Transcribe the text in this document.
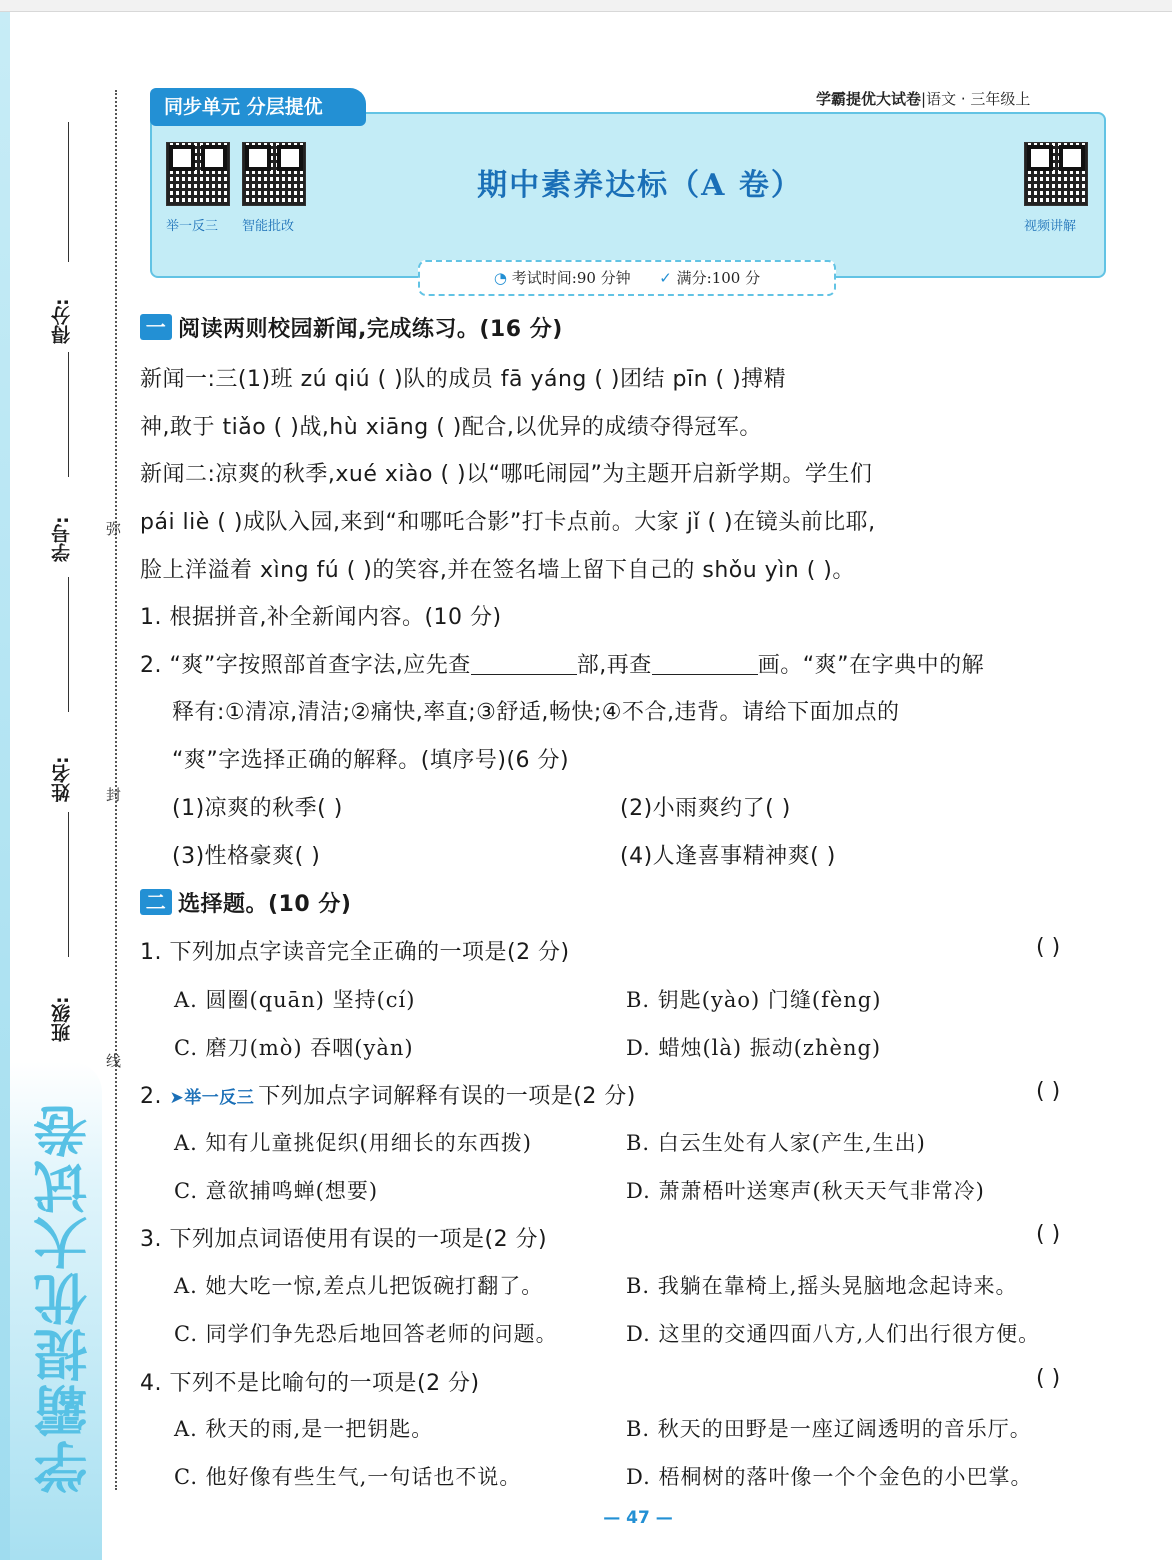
学霸提优大试卷
得分:
学号:
姓名:
班级:
弥
封
线
学霸提优大试卷|语文 · 三年级上
同步单元 分层提优
举一反三 智能批改	视频讲解
期中素养达标（A 卷）
◔ 考试时间:90 分钟 ✓ 满分:100 分
一 阅读两则校园新闻,完成练习。(16 分)
新闻一:三(1)班 zú qiú ( )队的成员 fā yáng ( )团结 pīn ( )搏精
神,敢于 tiǎo ( )战,hù xiāng ( )配合,以优异的成绩夺得冠军。
新闻二:凉爽的秋季,xué xiào ( )以“哪吒闹园”为主题开启新学期。学生们
pái liè ( )成队入园,来到“和哪吒合影”打卡点前。大家 jǐ ( )在镜头前比耶,
脸上洋溢着 xìng fú ( )的笑容,并在签名墙上留下自己的 shǒu yìn ( )。
1. 根据拼音,补全新闻内容。(10 分)
2. “爽”字按照部首查字法,应先查	部,再查	画。“爽”在字典中的解
释有:①清凉,清洁;②痛快,率直;③舒适,畅快;④不合,违背。请给下面加点的
“爽”字选择正确的解释。(填序号)(6 分)
(1)凉爽的秋季( )	(2)小雨爽约了( )
(3)性格豪爽( )	(4)人逢喜事精神爽( )
二 选择题。(10 分)
1. 下列加点字读音完全正确的一项是(2 分)	( )
A. 圆圈(quān) 坚持(cí)	B. 钥匙(yào) 门缝(fèng)
C. 磨刀(mò) 吞咽(yàn)	D. 蜡烛(là) 振动(zhèng)
2. ➤举一反三 下列加点字词解释有误的一项是(2 分)	( )
A. 知有儿童挑促织(用细长的东西拨)	B. 白云生处有人家(产生,生出)
C. 意欲捕鸣蝉(想要)	D. 萧萧梧叶送寒声(秋天天气非常冷)
3. 下列加点词语使用有误的一项是(2 分)	( )
A. 她大吃一惊,差点儿把饭碗打翻了。	B. 我躺在靠椅上,摇头晃脑地念起诗来。
C. 同学们争先恐后地回答老师的问题。	D. 这里的交通四面八方,人们出行很方便。
4. 下列不是比喻句的一项是(2 分)	( )
A. 秋天的雨,是一把钥匙。	B. 秋天的田野是一座辽阔透明的音乐厅。
C. 他好像有些生气,一句话也不说。	D. 梧桐树的落叶像一个个金色的小巴掌。
— 47 —
